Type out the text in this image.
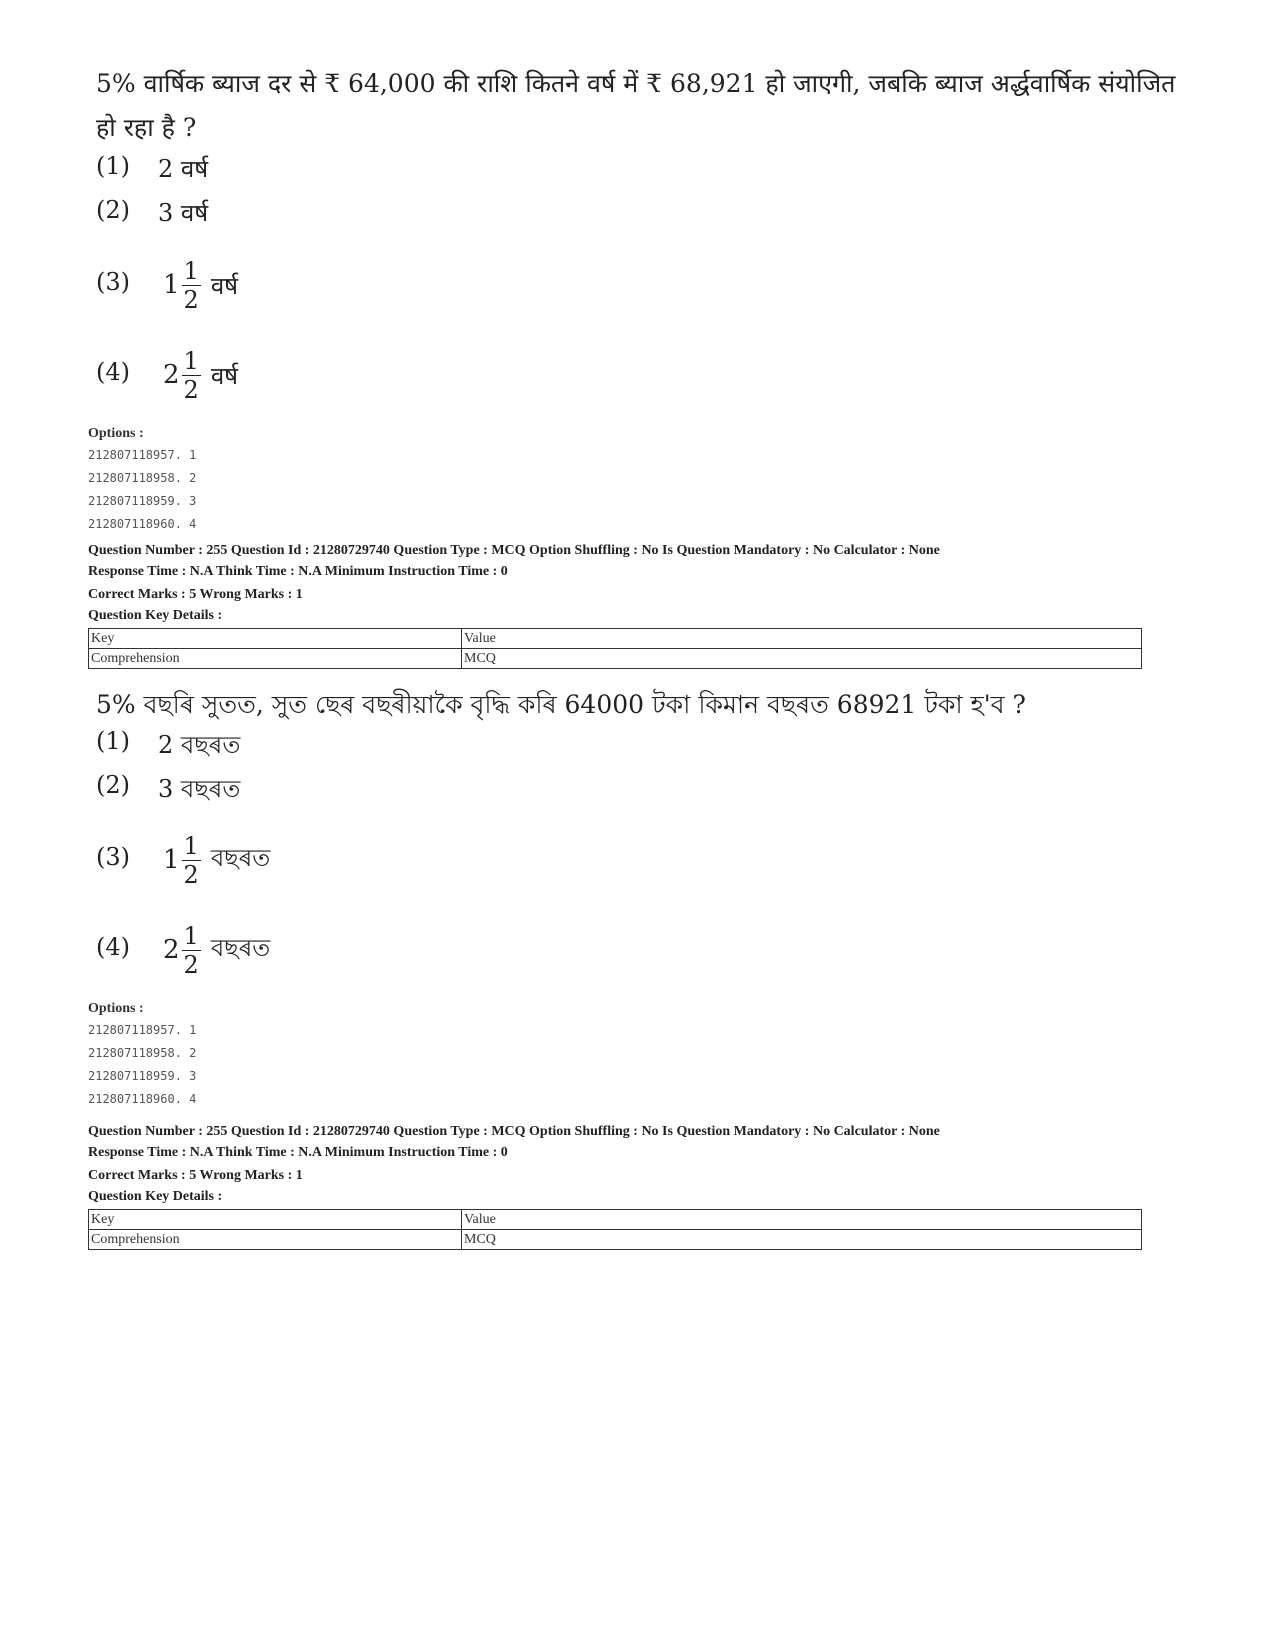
5% वार्षिक ब्याज दर से ₹ 64,000 की राशि कितने वर्ष में ₹ 68,921 हो जाएगी, जबकि ब्याज अर्द्धवार्षिक संयोजित हो रहा है ?

(1) 2 वर्ष
(2) 3 वर्ष
(3) $1 \frac{1}{2}$ वर्ष
(4) $2 \frac{1}{2}$ वर्ष
Options :
212807118957. 1
212807118958. 2
212807118959. 3
212807118960. 4
Question Number : 255 Question Id : 21280729740 Question Type : MCQ Option Shuffling : No Is Question Mandatory : No Calculator : None
Response Time : N.A Think Time : N.A Minimum Instruction Time : 0
Correct Marks : 5 Wrong Marks : 1
Question Key Details :
Key	Value
Comprehension	MCQ

5% বছৰি সুতত, সুত ছেৰ বছৰীয়াকৈ বৃদ্ধি কৰি 64000 টকা কিমান বছৰত 68921 টকা হ'ব ?

(1) 2 বছৰত
(2) 3 বছৰত
(3) $1 \frac{1}{2}$ বছৰত
(4) $2 \frac{1}{2}$ বছৰত
Options :
212807118957. 1
212807118958. 2
212807118959. 3
212807118960. 4
Question Number : 255 Question Id : 21280729740 Question Type : MCQ Option Shuffling : No Is Question Mandatory : No Calculator : None
Response Time : N.A Think Time : N.A Minimum Instruction Time : 0
Correct Marks : 5 Wrong Marks : 1
Question Key Details :
Key	Value
Comprehension	MCQ
